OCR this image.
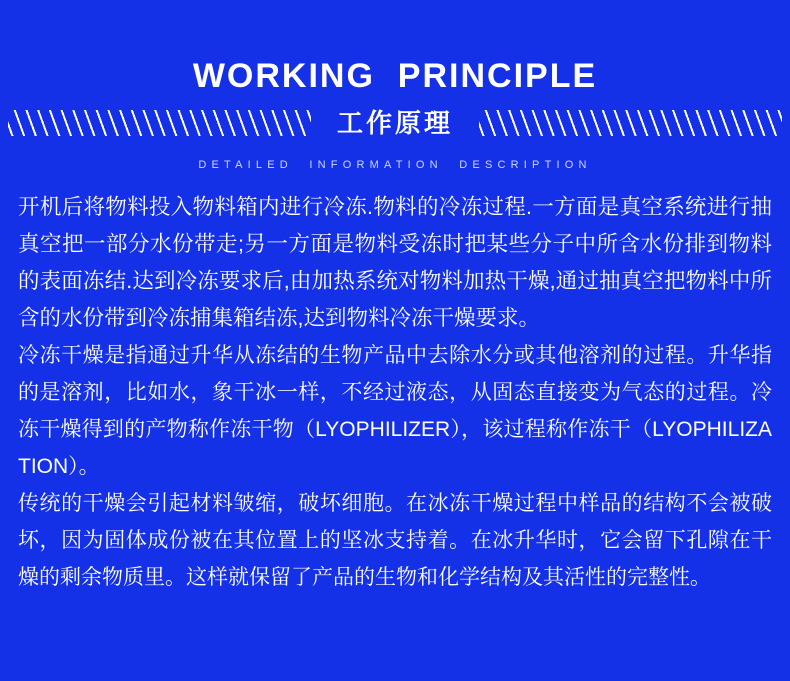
WORKING  PRINCIPLE
工作原理
DETAILED  INFORMATION  DESCRIPTION

开机后将物料投入物料箱内进行冷冻.物料的冷冻过程.一方面是真空系统进行抽真空把一部分水份带走;另一方面是物料受冻时把某些分子中所含水份排到物料的表面冻结.达到冷冻要求后,由加热系统对物料加热干燥,通过抽真空把物料中所含的水份带到冷冻捕集箱结冻,达到物料冷冻干燥要求。

冷冻干燥是指通过升华从冻结的生物产品中去除水分或其他溶剂的过程。升华指的是溶剂，比如水，象干冰一样，不经过液态，从固态直接变为气态的过程。冷冻干燥得到的产物称作冻干物（LYOPHILIZER），该过程称作冻干（LYOPHILIZATION）。

传统的干燥会引起材料皱缩，破坏细胞。在冰冻干燥过程中样品的结构不会被破坏，因为固体成份被在其位置上的坚冰支持着。在冰升华时，它会留下孔隙在干燥的剩余物质里。这样就保留了产品的生物和化学结构及其活性的完整性。
